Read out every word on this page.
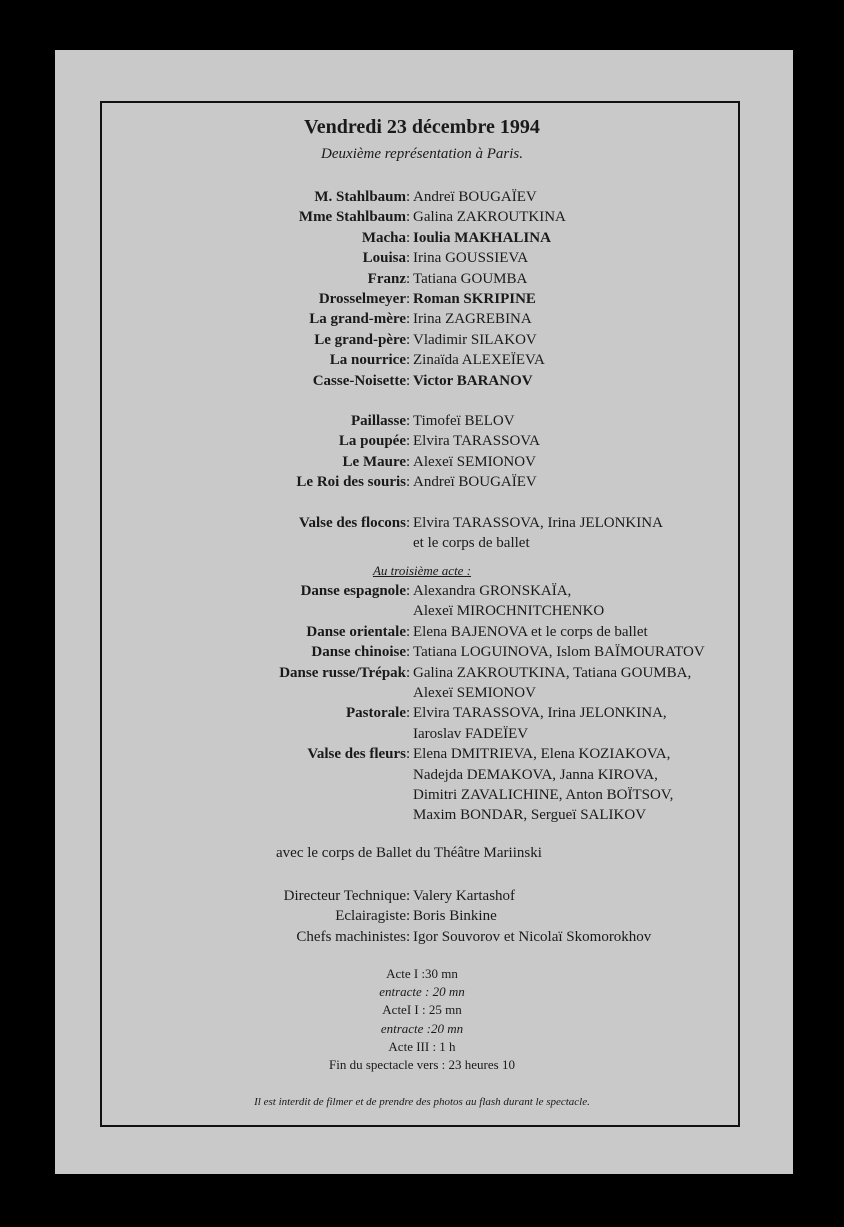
Vendredi 23 décembre 1994
Deuxième représentation à Paris.
M. Stahlbaum : Andreï BOUGAÏEV
Mme Stahlbaum : Galina ZAKROUTKINA
Macha : Ioulia MAKHALINA
Louisa : Irina GOUSSIEVA
Franz : Tatiana GOUMBA
Drosselmeyer : Roman SKRIPINE
La grand-mère : Irina ZAGREBINA
Le grand-père : Vladimir SILAKOV
La nourrice : Zinaïda ALEXEÏEVA
Casse-Noisette : Victor BARANOV
Paillasse : Timofeï BELOV
La poupée : Elvira TARASSOVA
Le Maure : Alexeï SEMIONOV
Le Roi des souris : Andreï BOUGAÏEV
Valse des flocons : Elvira TARASSOVA, Irina JELONKINA
et le corps de ballet
Danse espagnole : Alexandra GRONSKAÏA,
Alexeï MIROCHNITCHENKO
Danse orientale : Elena BAJENOVA et le corps de ballet
Danse chinoise : Tatiana LOGUINOVA, Islom BAÏMOURATOV
Danse russe/Trépak : Galina ZAKROUTKINA, Tatiana GOUMBA,
Alexeï SEMIONOV
Pastorale : Elvira TARASSOVA, Irina JELONKINA,
Iaroslav FADEÏEV
Valse des fleurs : Elena DMITRIEVA, Elena KOZIAKOVA,
Nadejda DEMAKOVA, Janna KIROVA,
Dimitri ZAVALICHINE, Anton BOÏTSOV,
Maxim BONDAR, Sergueï SALIKOV
Directeur Technique : Valery Kartashof
Eclairagiste : Boris Binkine
Chefs machinistes : Igor Souvorov et Nicolaï Skomorokhov
Au troisième acte :
avec le corps de Ballet du Théâtre Mariinski
Acte I :30 mn
entracte : 20 mn
ActeI I : 25 mn
entracte :20 mn
Acte III : 1 h
Fin du spectacle vers : 23 heures 10
Il est interdit de filmer et de prendre des photos au flash durant le spectacle.
